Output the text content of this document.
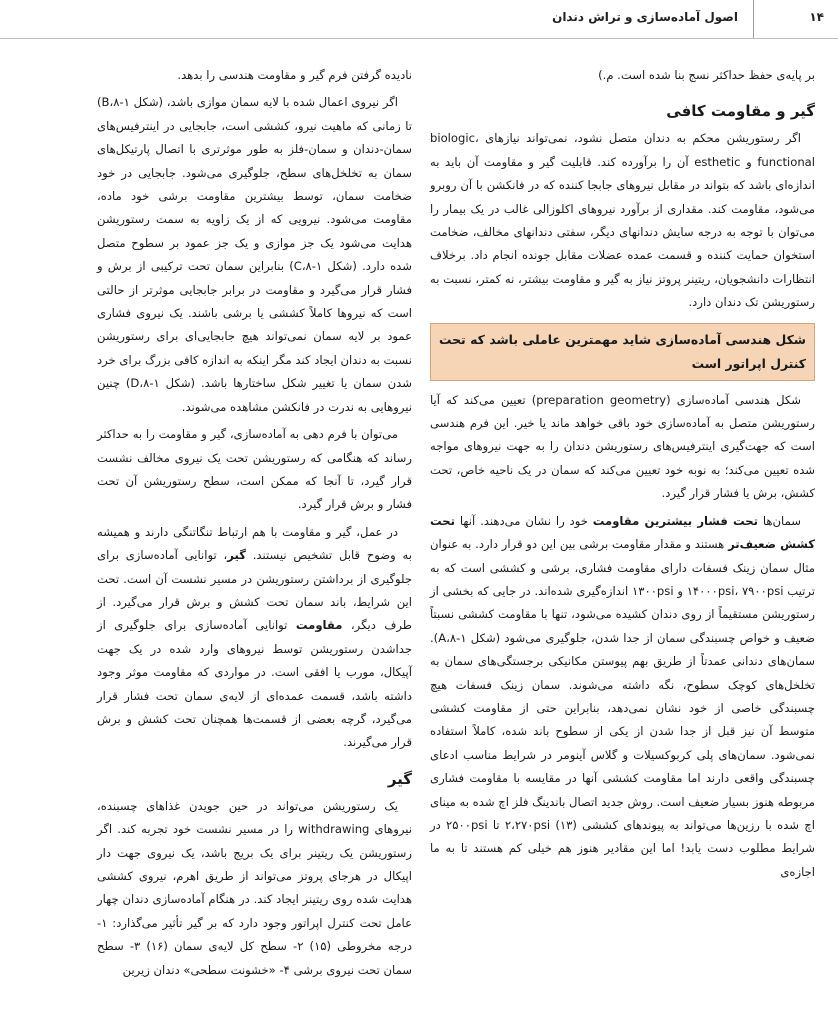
۱۴
اصول آماده‌سازی و تراش دندان

بر پایه‌ی حفظ حداکثر نسج بنا شده است. م.)

گیر و مقاومت کافی

اگر رستوریشن محکم به دندان متصل نشود، نمی‌تواند نیازهای biologic، functional و esthetic آن را برآورده کند. قابلیت گیر و مقاومت آن باید به اندازه‌ای باشد که بتواند در مقابل نیروهای جابجا کننده که در فانکشن با آن روبرو می‌شود، مقاومت کند. مقداری از برآورد نیروهای اکلوزالی غالب در یک بیمار را می‌توان با توجه به درجه سایش دندانهای دیگر، سفتی دندانهای مخالف، ضخامت استخوان حمایت کننده و قسمت عمده عضلات مقابل جونده انجام داد. برخلاف انتظارات دانشجویان، ریتینر پروتز نیاز به گیر و مقاومت بیشتر، نه کمتر، نسبت به رستوریشن تک دندان دارد.

شکل هندسی آماده‌سازی شاید مهمترین عاملی باشد که تحت کنترل اپراتور است

شکل هندسی آماده‌سازی (preparation geometry) تعیین می‌کند که آیا رستوریشن متصل به آماده‌سازی خود باقی خواهد ماند یا خیر. این فرم هندسی است که جهت‌گیری اینترفیس‌های رستوریشن دندان را به جهت نیروهای مواجه شده تعیین می‌کند؛ به نوبه خود تعیین می‌کند که سمان در یک ناحیه خاص، تحت کشش، برش یا فشار قرار گیرد.

سمان‌ها تحت فشار بیشترین مقاومت خود را نشان می‌دهند. آنها تحت کشش ضعیف‌تر هستند و مقدار مقاومت برشی بین این دو قرار دارد. به عنوان مثال سمان زینک فسفات دارای مقاومت فشاری، برشی و کششی است که به ترتیب ۱۴۰۰۰psi، ۷۹۰۰psi و ۱۳۰۰psi اندازه‌گیری شده‌اند. در جایی که بخشی از رستوریشن مستقیماً از روی دندان کشیده می‌شود، تنها با مقاومت کششی نسبتاً ضعیف و خواص چسبندگی سمان از جدا شدن، جلوگیری می‌شود (شکل ۱-A،۸). سمان‌های دندانی عمدتاً از طریق بهم پیوستن مکانیکی برجستگی‌های سمان به تخلخل‌های کوچک سطوح، نگه داشته می‌شوند. سمان زینک فسفات هیچ چسبندگی خاصی از خود نشان نمی‌دهد، بنابراین حتی از مقاومت کششی متوسط آن نیز قبل از جدا شدن از یکی از سطوح باند شده، کاملاً استفاده نمی‌شود. سمان‌های پلی کربوکسیلات و گلاس آینومر در شرایط مناسب ادعای چسبندگی واقعی دارند اما مقاومت کششی آنها در مقایسه با مقاومت فشاری مربوطه هنوز بسیار ضعیف است. روش جدید اتصال باندینگ فلز اچ شده به مینای اچ شده با رزین‌ها می‌تواند به پیوندهای کششی ۲،۲۷۰psi (۱۳) تا ۲۵۰۰psi در شرایط مطلوب دست یابد! اما این مقادیر هنوز هم خیلی کم هستند تا به ما اجازه‌ی

نادیده گرفتن فرم گیر و مقاومت هندسی را بدهد.

اگر نیروی اعمال شده با لایه سمان موازی باشد، (شکل ۱-B،۸) تا زمانی که ماهیت نیرو، کششی است، جابجایی در اینترفیس‌های سمان-دندان و سمان-فلز به طور موثرتری با اتصال پارتیکل‌های سمان به تخلخل‌های سطح، جلوگیری می‌شود. جابجایی در خود ضخامت سمان، توسط بیشترین مقاومت برشی خود ماده، مقاومت می‌شود. نیرویی که از یک زاویه به سمت رستوریشن هدایت می‌شود یک جز موازی و یک جز عمود بر سطوح متصل شده دارد. (شکل ۱-C،۸) بنابراین سمان تحت ترکیبی از برش و فشار قرار می‌گیرد و مقاومت در برابر جابجایی موثرتر از حالتی است که نیروها کاملاً کششی یا برشی باشند. یک نیروی فشاری عمود بر لایه سمان نمی‌تواند هیچ جابجایی‌ای برای رستوریشن نسبت به دندان ایجاد کند مگر اینکه به اندازه کافی بزرگ برای خرد شدن سمان یا تغییر شکل ساختارها باشد. (شکل ۱-D،۸) چنین نیروهایی به ندرت در فانکشن مشاهده می‌شوند.

می‌توان با فرم دهی به آماده‌سازی، گیر و مقاومت را به حداکثر رساند که هنگامی که رستوریشن تحت یک نیروی مخالف نشست قرار گیرد، تا آنجا که ممکن است، سطح رستوریشن آن تحت فشار و برش قرار گیرد.

در عمل، گیر و مقاومت با هم ارتباط تنگاتنگی دارند و همیشه به وضوح قابل تشخیص نیستند. گیر، توانایی آماده‌سازی برای جلوگیری از برداشتن رستوریشن در مسیر نشست آن است. تحت این شرایط، باند سمان تحت کشش و برش قرار می‌گیرد. از طرف دیگر، مقاومت توانایی آماده‌سازی برای جلوگیری از جداشدن رستوریشن توسط نیروهای وارد شده در یک جهت آپیکال، مورب یا افقی است. در مواردی که مقاومت موثر وجود داشته باشد، قسمت عمده‌ای از لایه‌ی سمان تحت فشار قرار می‌گیرد، گرچه بعضی از قسمت‌ها همچنان تحت کشش و برش قرار می‌گیرند.

گیر

یک رستوریشن می‌تواند در حین جویدن غذاهای چسبنده، نیروهای withdrawing را در مسیر نشست خود تجربه کند. اگر رستوریشن یک ریتینر برای یک بریج باشد، یک نیروی جهت دار اپیکال در هرجای پروتز می‌تواند از طریق اهرم، نیروی کششی هدایت شده روی ریتینر ایجاد کند. در هنگام آماده‌سازی دندان چهار عامل تحت کنترل اپراتور وجود دارد که بر گیر تأثیر می‌گذارد: ۱- درجه مخروطی (۱۵) ۲- سطح کل لایه‌ی سمان (۱۶) ۳- سطح سمان تحت نیروی برشی ۴- «خشونت سطحی» دندان زیرین
